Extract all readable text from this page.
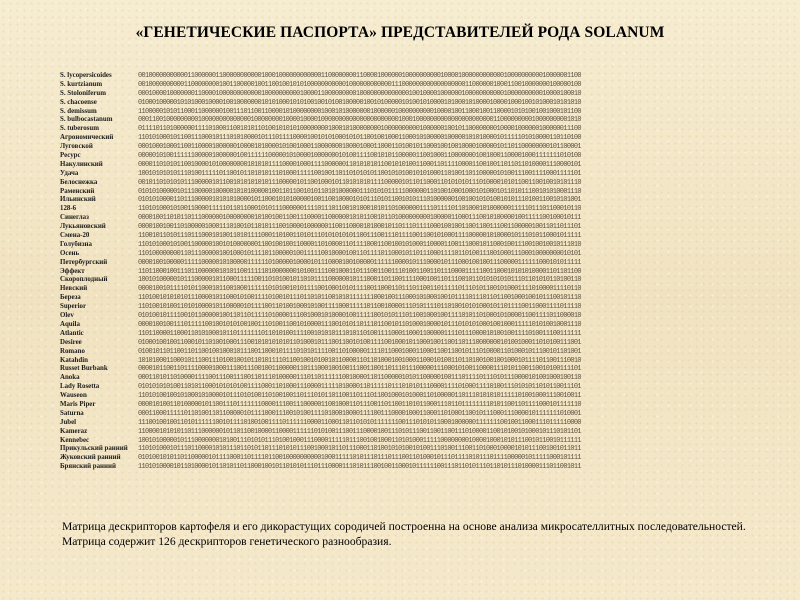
«ГЕНЕТИЧЕСКИЕ ПАСПОРТА» ПРЕДСТАВИТЕЛЕЙ РОДА SOLANUM
S. lycopersicoides	001000000000001100000011000000000001000100000000000011000000001100001000000100000000001000010000000000001000000000010000001100
S. kurtzianum	001000000000011000000001001100000100110010010101000000000001000000000000111000000000000000000110000001000110010000000100000100
S. Stoloniferum	000100001000000011000010000000000001000000000010000110000000001000000000000001001000010000001000000000001000000000010000100010
S. chacoense	010001000001010100010000100100000001010100010101001001010010000010010100000101001010000101000101000010000100010010100010101010
S. demissum	110000010101100011000000100111011001100001010000000010001010000000100000010000000000100001001100010011000010101001001000101100
S. bulbocastanum	000110010000000001000000000000001000000001000010000100000000000000000000001000100000000000000000000001100000000010000000001010
S. tuberosum	011110110100000011110100011001010110100101010100000000100010100000000100000000001000000100101100000000100001000000100000011100
Агрономический	110101000101100111000101110101000010111011110000100101010001010110010010001100010100000100000101010000101111101010000110110100
Луговской	000100010001100110000100000010000101000010100100011000000010000100011000110100101100010010010000100000101101100000000101100001
Ресурс	000001010011111100000100000010011111100000101000010000000101001111001010110000011001000110000000100100011000010001111111010100
Накулинский	000011010101100100001010000000010101011110000100011110000001101010101100101010011000110111100001100100110110110100001110000101
Удача	100101010101110100111110110010110101011101000111110010011011010101011001010100101010001101001101100000101001110011110001111101
Белоснежка	001011010101011100000101100101010101011100000101100100010110101010111100000101101100011010101011101000010101100110010010101110
Раменский	010101000001011100000100000101010000010011011001010110101000000111010101111100000011010010001000101000101101011100101010001110
Ильинский	010101000011011100000101010100001011000101010000010011001000010101110101100101011101000000100100101010010101110100110010101001
128-6	110101000101001100001111101101100010101110000001111011101100101000101011010000001111011110110100010100000011111011101100010110
Синеглаз	000010011010110111000000100000000101001001100111000011000000101011001011010000000001000001100011100101000001001111100100010111
Лукьяновский	000010010011010000010001110100101101011100100001000000110011000010100010110111011110001001001100110011100110000010011011011101
Смена-20	110010110101110111000101001101011110001101001101011101010101011001110011101111001100101000111100000101000010111010110001011111
Голубизна	110101000101001100000100101000000011001001001100001101000011011110001100100101000110000110011100010110001001110010010010111010
Осень	110100000000110111000001001000101111011000001001111100100001001101111011000101101110001111011010011100100011100010000000010101
Петербургский	000010010000011111000001010000011111101000001000010111000010010000011111100001011100001011100010010011100000111111000101011111
Эффект	110110001001110110000001010110011111010000000101001111001000110111001100111010011001101110000111110011000101010100001101101100
Скороплодный	100101000001011100000101100011111001101010010110101111000000101110001101100111100010011011100101101010101011101101010110100110
Невский	000010010111101011000101100100011111101010010101111001000101011110011000110111011001101111101110101100101000111101000011110110
Береза	110100101010101110000101100010100111101001011101101011001010111111100010011100010100010010111101110110110010001001011100101110
Superior	110100101001101010000101100000101111001101001000101001111000111110110010000111010111101101001010100010110111100110001111011110
Olev	010100101111001011000001001101101111101000011100100010100001001111100101011101100100010011110101101000101000011001111011000010
Aquila	000010010011101111100100101010010011101001100101000011100101011011101100101101000100001011101010100010010001111101010010001110
Atlantic	110110000110001101010001011011111110110101001111001010101110101101001111000110001100000111101110000101001001111010011100111111
Desiree	010001001001100010110100100011100101010101011010001011100110010100111100100010110001001100110111000000010100100011010100111001
Romano	010010110110011011001001000101110011000101111010101111001101000001111011000100011000110011001011101000011010001011100101101001
Katahdin	101010001100010111001110100100101101011110110010010100101100001101101000100100011000101001101101001001001000101111011001110010
Russet Burbank	000010110011011110000100011100111001001100000110111000100100111001100110111011100000111000101001100001110101100110010100111101
Anoka	000110101101000011110011100111001101110100000111011011111100100001101100000101011000001001110111101110101110000101001000100110
Lady Rosetta	010101010100110101100010101010011110001101000111000011111010000110111110111010101110000111101000111101001110101011010110011101
Wauseon	110101001001010001010000101110101001101001001101110101101100110111011001000101000110100000110111010101011111010010001110010011
Maris Piper	000010100110100000101100111011111110000111001110000011001000110111001101100110101100011101101111111101011001101111000101111110
Saturna	000110001111101101001101100000101111000111001010011110100010000111100111000010001100011010001100101110001110000101111111010001
Jubel	111001001001101011111100101111010010011110111111000011000110110101011111110011101010110001000000111111100100110001110111110000
Kameraz	110000101010110111000000101101100100001100001111110101001110011100001001110101110011001100111010000110010100101000101110101101
Kennebec	100101000001011100000001010011101010111010010001110000111110111001001000110101000111110000000010000100010101110010110010111111
Прикульский ранний	110101000101110110000101011101101011011101010111001000101101110001101001010100101001110100111001101000100001010111001001011011
Жуковский ранний	010100101011011000001011110001101111011001000000000010001111101011101110111001101000101110111101011101111000001011111000101111
Брянский ранний	110101000010110100001011010110110001001011010101110111000011101011100100110001011111100111011010111011010111010000111011001011
Матрица дескрипторов картофеля и его дикорастущих сородичей построенна на основе анализа микросателлитных последовательностей. Матрица содержит 126 дескрипторов генетического разнообразия.
